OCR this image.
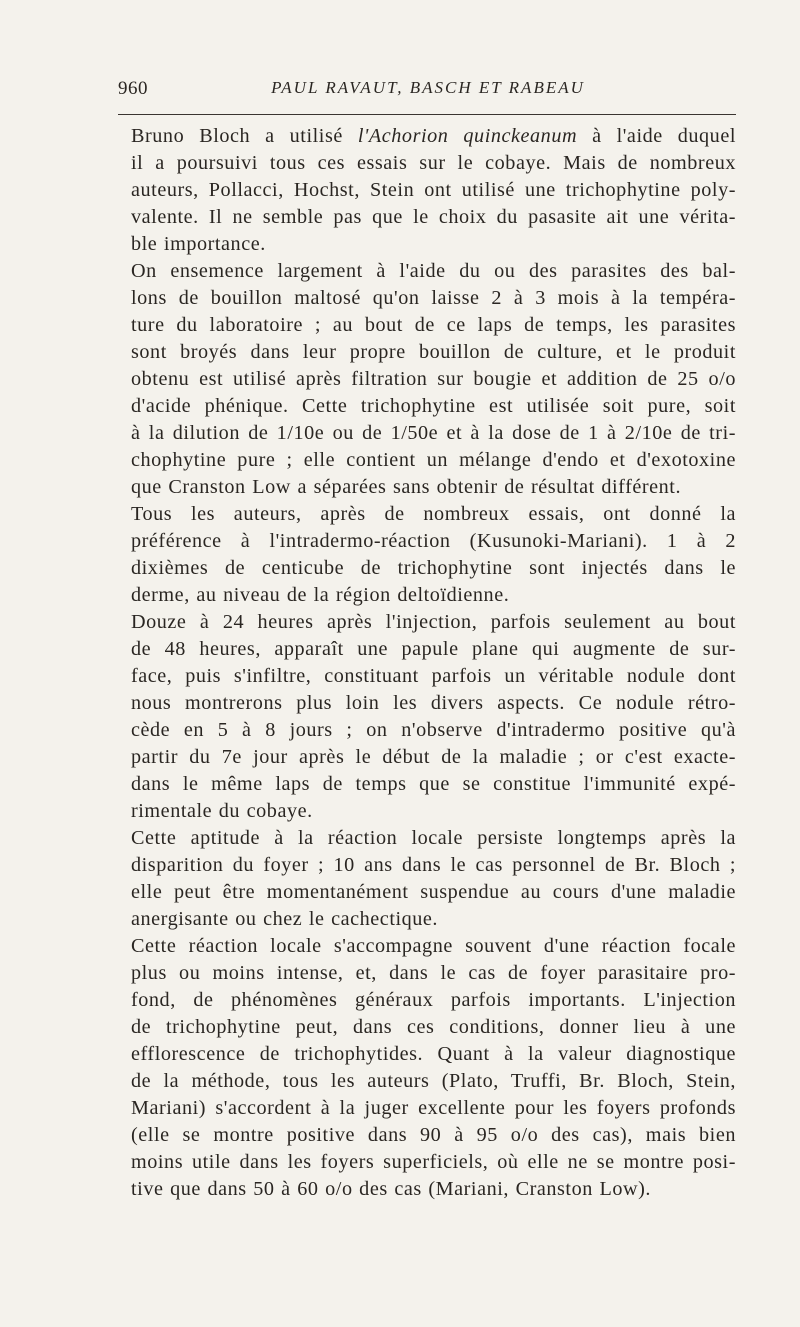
960	PAUL RAVAUT, BASCH ET RABEAU

Bruno Bloch a utilisé l'Achorion quinckeanum à l'aide duquel
il a poursuivi tous ces essais sur le cobaye. Mais de nombreux
auteurs, Pollacci, Hochst, Stein ont utilisé une trichophytine poly-
valente. Il ne semble pas que le choix du pasasite ait une vérita-
ble importance.

On ensemence largement à l'aide du ou des parasites des bal-
lons de bouillon maltosé qu'on laisse 2 à 3 mois à la tempéra-
ture du laboratoire ; au bout de ce laps de temps, les parasites
sont broyés dans leur propre bouillon de culture, et le produit
obtenu est utilisé après filtration sur bougie et addition de 25 o/o
d'acide phénique. Cette trichophytine est utilisée soit pure, soit
à la dilution de 1/10e ou de 1/50e et à la dose de 1 à 2/10e de tri-
chophytine pure ; elle contient un mélange d'endo et d'exotoxine
que Cranston Low a séparées sans obtenir de résultat différent.

Tous les auteurs, après de nombreux essais, ont donné la
préférence à l'intradermo-réaction (Kusunoki-Mariani). 1 à 2
dixièmes de centicube de trichophytine sont injectés dans le
derme, au niveau de la région deltoïdienne.

Douze à 24 heures après l'injection, parfois seulement au bout
de 48 heures, apparaît une papule plane qui augmente de sur-
face, puis s'infiltre, constituant parfois un véritable nodule dont
nous montrerons plus loin les divers aspects. Ce nodule rétro-
cède en 5 à 8 jours ; on n'observe d'intradermo positive qu'à
partir du 7e jour après le début de la maladie ; or c'est exacte-
dans le même laps de temps que se constitue l'immunité expé-
rimentale du cobaye.

Cette aptitude à la réaction locale persiste longtemps après la
disparition du foyer ; 10 ans dans le cas personnel de Br. Bloch ;
elle peut être momentanément suspendue au cours d'une maladie
anergisante ou chez le cachectique.

Cette réaction locale s'accompagne souvent d'une réaction focale
plus ou moins intense, et, dans le cas de foyer parasitaire pro-
fond, de phénomènes généraux parfois importants. L'injection
de trichophytine peut, dans ces conditions, donner lieu à une
efflorescence de trichophytides. Quant à la valeur diagnostique
de la méthode, tous les auteurs (Plato, Truffi, Br. Bloch, Stein,
Mariani) s'accordent à la juger excellente pour les foyers profonds
(elle se montre positive dans 90 à 95 o/o des cas), mais bien
moins utile dans les foyers superficiels, où elle ne se montre posi-
tive que dans 50 à 60 o/o des cas (Mariani, Cranston Low).
